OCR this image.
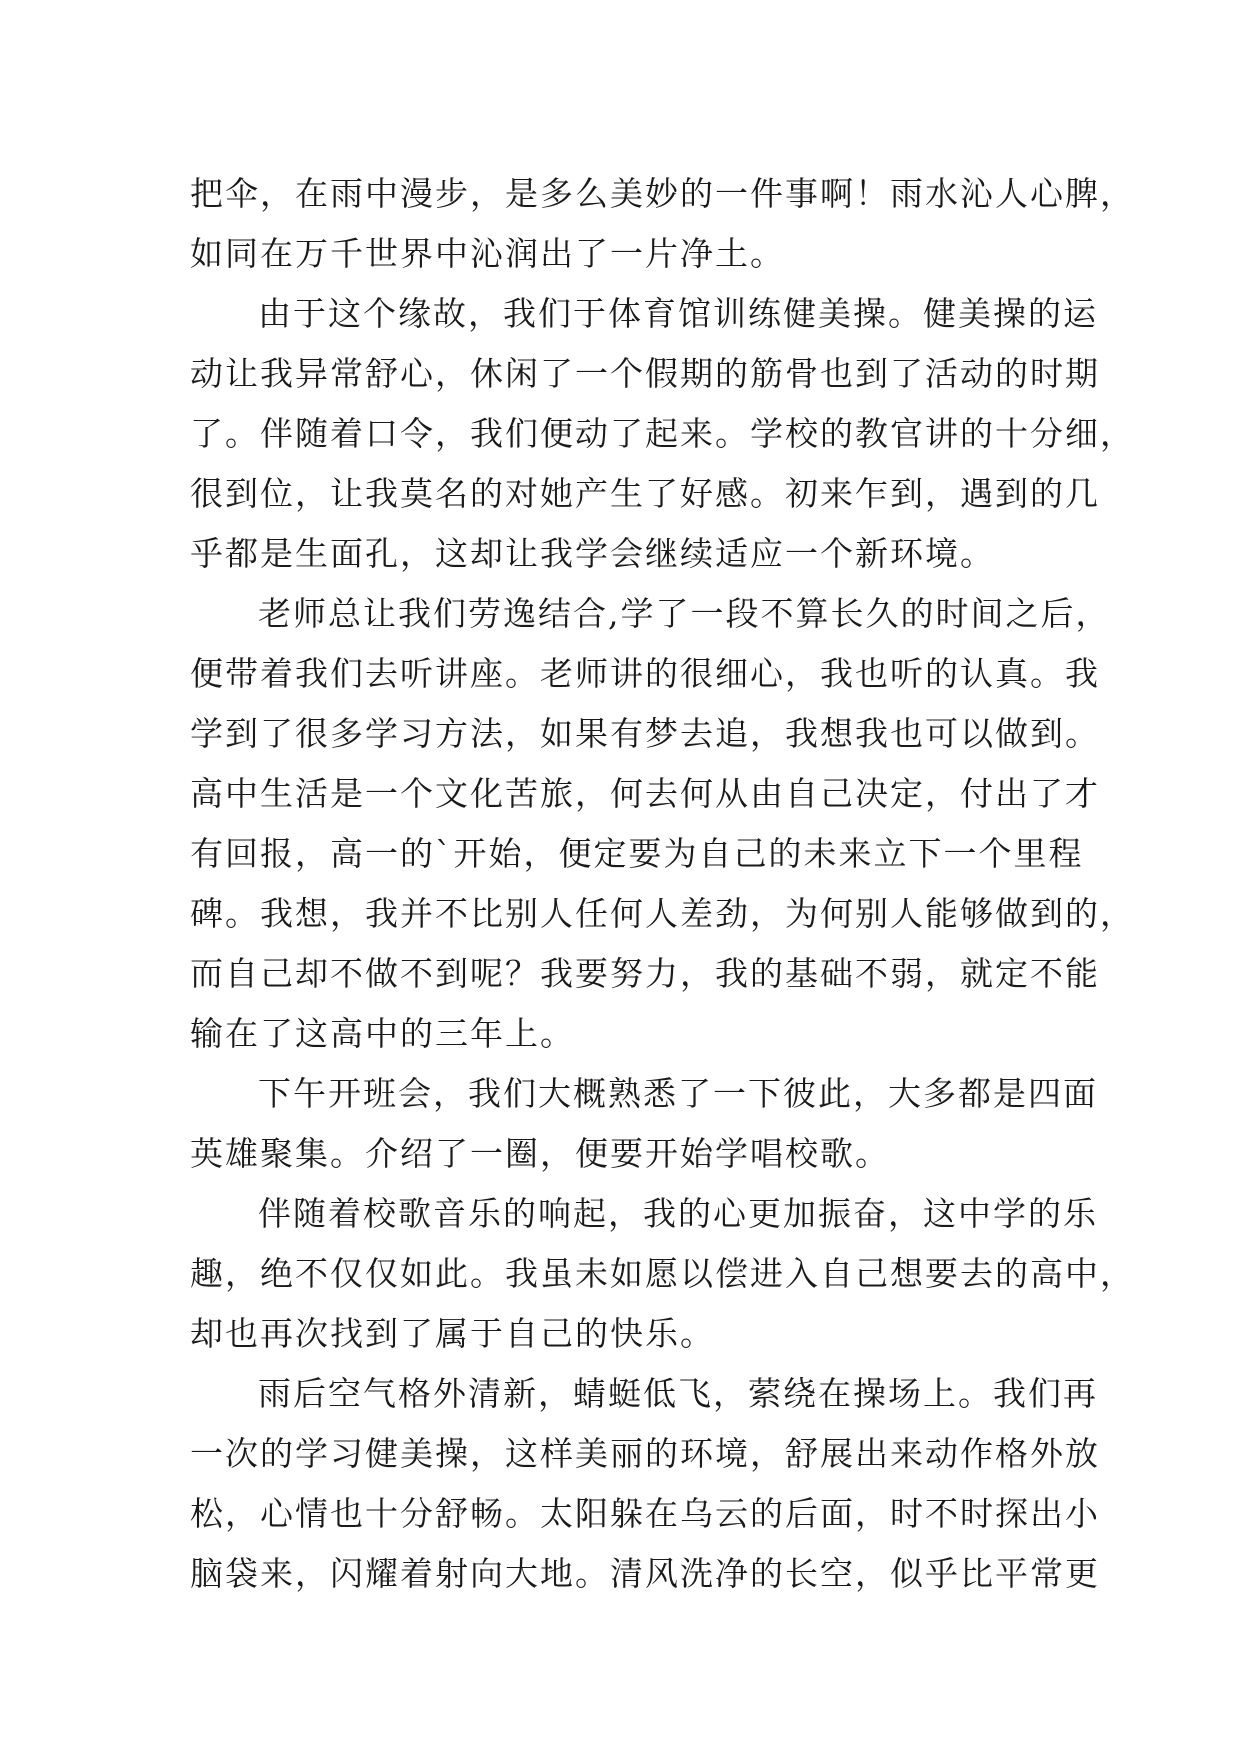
把伞，在雨中漫步，是多么美妙的一件事啊！雨水沁人心脾，
如同在万千世界中沁润出了一片净土。
由于这个缘故，我们于体育馆训练健美操。健美操的运
动让我异常舒心，休闲了一个假期的筋骨也到了活动的时期
了。伴随着口令，我们便动了起来。学校的教官讲的十分细，
很到位，让我莫名的对她产生了好感。初来乍到，遇到的几
乎都是生面孔，这却让我学会继续适应一个新环境。
老师总让我们劳逸结合,学了一段不算长久的时间之后，
便带着我们去听讲座。老师讲的很细心，我也听的认真。我
学到了很多学习方法，如果有梦去追，我想我也可以做到。
高中生活是一个文化苦旅，何去何从由自己决定，付出了才
有回报，高一的`开始，便定要为自己的未来立下一个里程
碑。我想，我并不比别人任何人差劲，为何别人能够做到的，
而自己却不做不到呢？我要努力，我的基础不弱，就定不能
输在了这高中的三年上。
下午开班会，我们大概熟悉了一下彼此，大多都是四面
英雄聚集。介绍了一圈，便要开始学唱校歌。
伴随着校歌音乐的响起，我的心更加振奋，这中学的乐
趣，绝不仅仅如此。我虽未如愿以偿进入自己想要去的高中，
却也再次找到了属于自己的快乐。
雨后空气格外清新，蜻蜓低飞，萦绕在操场上。我们再
一次的学习健美操，这样美丽的环境，舒展出来动作格外放
松，心情也十分舒畅。太阳躲在乌云的后面，时不时探出小
脑袋来，闪耀着射向大地。清风洗净的长空，似乎比平常更
